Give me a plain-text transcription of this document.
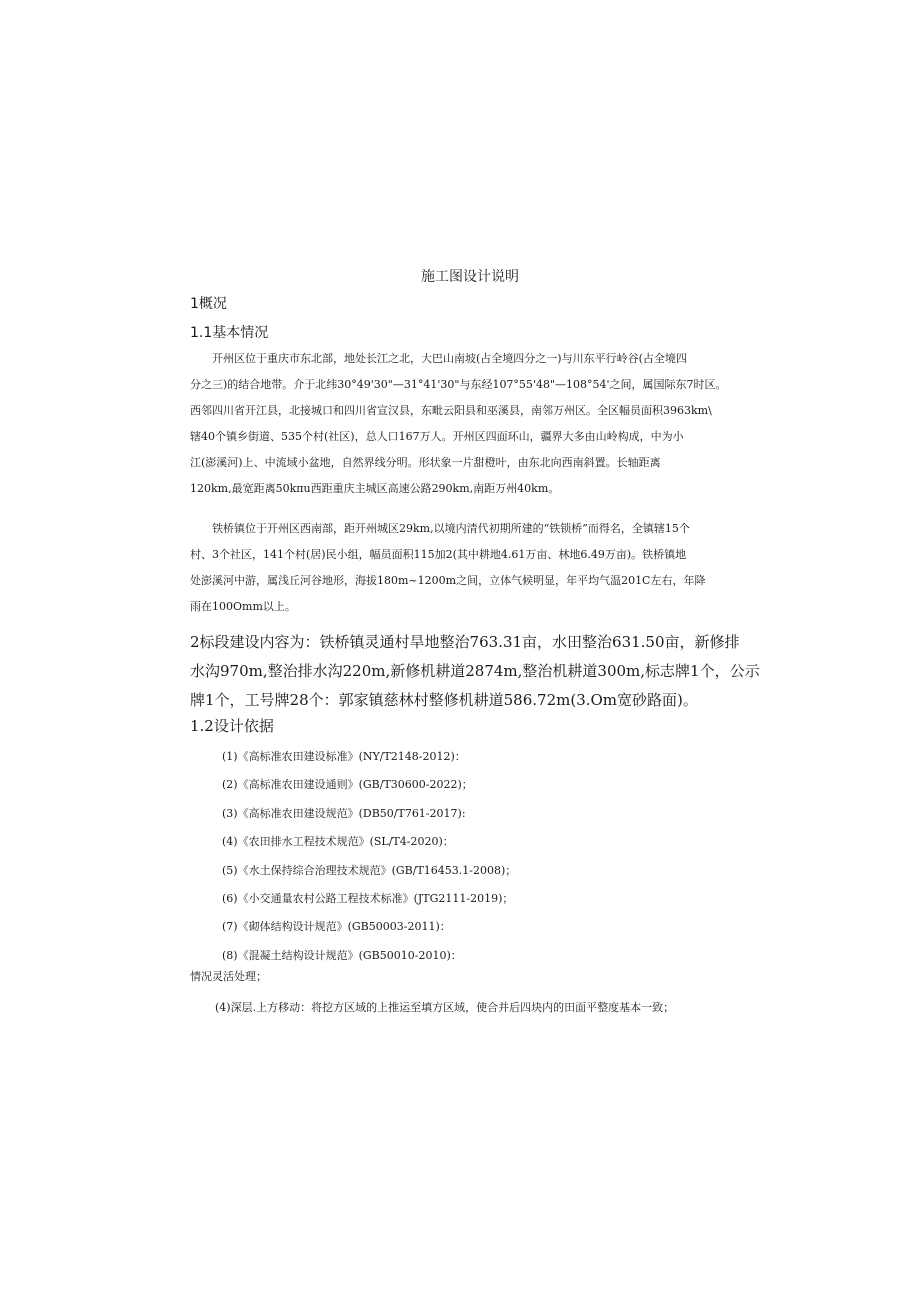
施工图设计说明
1概况
1.1基本情况
开州区位于重庆市东北部，地处长江之北，大巴山南坡(占全境四分之一)与川东平行岭谷(占全境四
分之三)的结合地带。介于北纬30°49'30"—31°41'30"与东经107°55'48"—108°54'之间，属国际东7时区。
西邻四川省开江县，北接城口和四川省宣汉县，东毗云阳县和巫溪县，南邻万州区。全区幅员面积3963km\
辖40个镇乡街道、535个村(社区)，总人口167万人。开州区四面环山，疆界大多由山岭构成，中为小
江(澎溪河)上、中流域小盆地，自然界线分明。形状象一片甜橙叶，由东北向西南斜置。长轴距离
120km,最宽距离50kπu西距重庆主城区高速公路290km,南距万州40km。
铁桥镇位于开州区西南部，距开州城区29km,以境内清代初期所建的“铁锁桥”而得名，全镇辖15个
村、3个社区，141个村(居)民小组，幅员面积115加2(其中耕地4.61万亩、林地6.49万亩)。铁桥镇地
处澎溪河中游，属浅丘河谷地形，海拔180m~1200m之间，立体气候明显，年平均气温201C左右，年降
雨在100Omm以上。
2标段建设内容为：铁桥镇灵通村旱地整治763.31亩，水田整治631.50亩，新修排
水沟970m,整治排水沟220m,新修机耕道2874m,整治机耕道300m,标志牌1个，公示
牌1个，工号牌28个：郭家镇慈林村整修机耕道586.72m(3.Om宽砂路面)。
1.2设计依据
(1)《高标准农田建设标准》(NY/T2148-2012)：
(2)《高标准农田建设通则》(GB/T30600-2022)；
(3)《高标准农田建设规范》(DB50/T761-2017):
(4)《农田排水工程技术规范》(SL/T4-2020)：
(5)《水土保持综合治理技术规范》(GB/T16453.1-2008)；
(6)《小交通量农村公路工程技术标准》(JTG2111-2019)；
(7)《砌体结构设计规范》(GB50003-2011)：
(8)《混凝土结构设计规范》(GB50010-2010)：
情况灵活处理；
(4)深层.上方移动：将挖方区域的上推运至填方区域，使合并后四块内的田面平整度基本一致；
